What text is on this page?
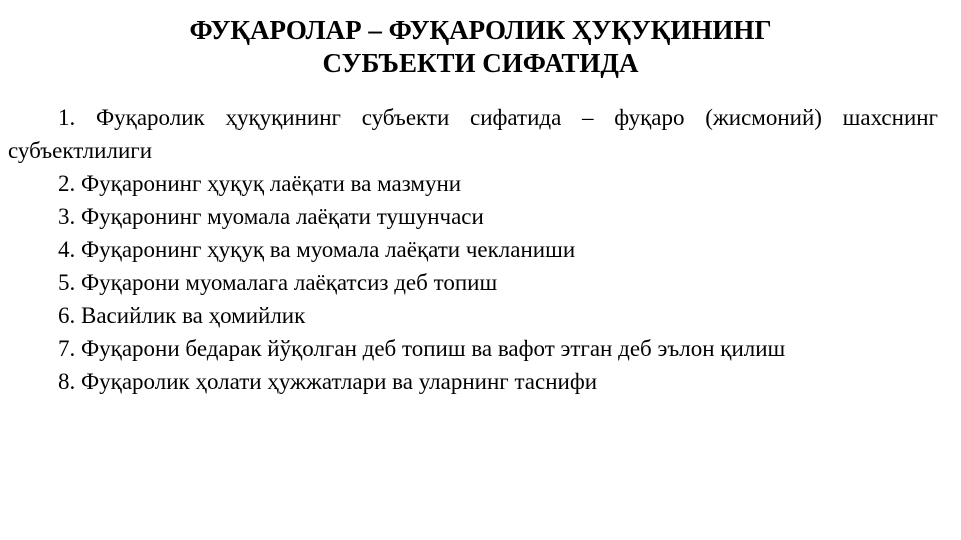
ФУҚАРОЛАР – ФУҚАРОЛИК ҲУҚУҚИНИНГ
СУБЪЕКТИ СИФАТИДА
1. Фуқаролик ҳуқуқининг субъекти сифатида – фуқаро (жисмоний) шахснинг субъектлилиги
2. Фуқаронинг ҳуқуқ лаёқати ва мазмуни
3. Фуқаронинг муомала лаёқати тушунчаси
4. Фуқаронинг ҳуқуқ ва муомала лаёқати чекланиши
5. Фуқарони муомалага лаёқатсиз деб топиш
6. Васийлик ва ҳомийлик
7. Фуқарони бедарак йўқолган деб топиш ва вафот этган деб эълон қилиш
8. Фуқаролик ҳолати ҳужжатлари ва уларнинг таснифи
